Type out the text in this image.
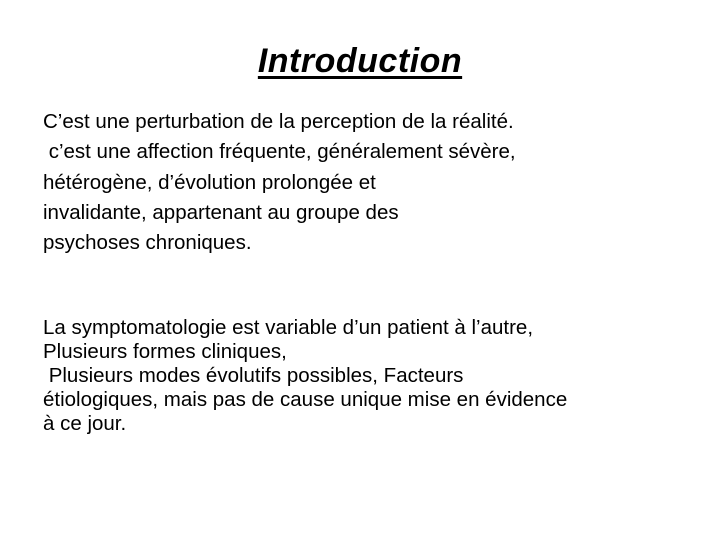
Introduction
C’est une perturbation de la perception de la réalité.
c’est une affection fréquente, généralement sévère,
hétérogène, d’évolution prolongée et
invalidante, appartenant au groupe des
psychoses chroniques.
La symptomatologie est variable d’un patient à l’autre,
Plusieurs formes cliniques,
Plusieurs modes évolutifs possibles, Facteurs
étiologiques, mais pas de cause unique mise en évidence
à ce jour.
